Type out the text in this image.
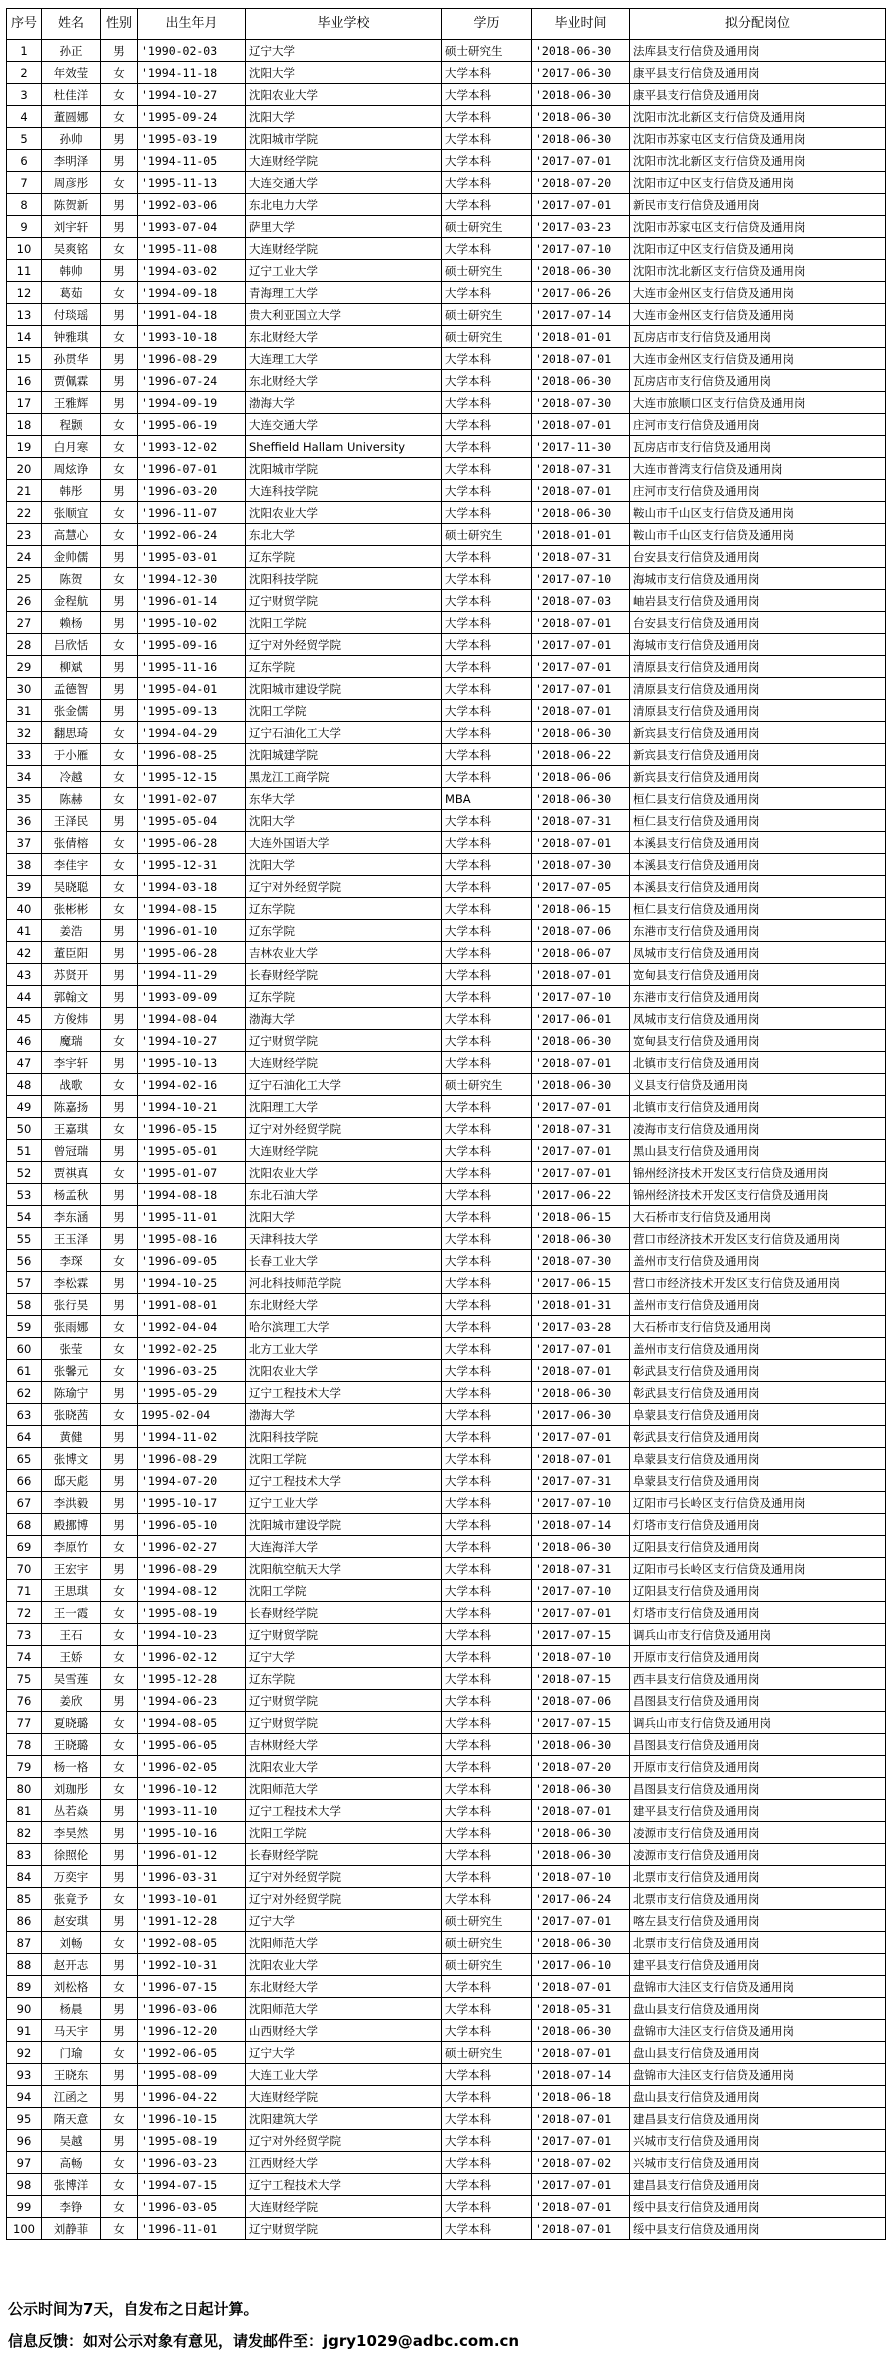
序号	姓名	性别	出生年月	毕业学校	学历	毕业时间	拟分配岗位
1	孙正	男	'1990-02-03	辽宁大学	硕士研究生	'2018-06-30	法库县支行信贷及通用岗
2	年效莹	女	'1994-11-18	沈阳大学	大学本科	'2017-06-30	康平县支行信贷及通用岗
3	杜佳洋	女	'1994-10-27	沈阳农业大学	大学本科	'2018-06-30	康平县支行信贷及通用岗
4	董圆娜	女	'1995-09-24	沈阳大学	大学本科	'2018-06-30	沈阳市沈北新区支行信贷及通用岗
5	孙帅	男	'1995-03-19	沈阳城市学院	大学本科	'2018-06-30	沈阳市苏家屯区支行信贷及通用岗
6	李明泽	男	'1994-11-05	大连财经学院	大学本科	'2017-07-01	沈阳市沈北新区支行信贷及通用岗
7	周彦彤	女	'1995-11-13	大连交通大学	大学本科	'2018-07-20	沈阳市辽中区支行信贷及通用岗
8	陈贺新	男	'1992-03-06	东北电力大学	大学本科	'2017-07-01	新民市支行信贷及通用岗
9	刘宇轩	男	'1993-07-04	萨里大学	硕士研究生	'2017-03-23	沈阳市苏家屯区支行信贷及通用岗
10	吴爽铭	女	'1995-11-08	大连财经学院	大学本科	'2017-07-10	沈阳市辽中区支行信贷及通用岗
11	韩帅	男	'1994-03-02	辽宁工业大学	硕士研究生	'2018-06-30	沈阳市沈北新区支行信贷及通用岗
12	葛茹	女	'1994-09-18	青海理工大学	大学本科	'2017-06-26	大连市金州区支行信贷及通用岗
13	付琰瑶	男	'1991-04-18	贵大利亚国立大学	硕士研究生	'2017-07-14	大连市金州区支行信贷及通用岗
14	钟雅琪	女	'1993-10-18	东北财经大学	硕士研究生	'2018-01-01	瓦房店市支行信贷及通用岗
15	孙贯华	男	'1996-08-29	大连理工大学	大学本科	'2018-07-01	大连市金州区支行信贷及通用岗
16	贾佩霖	男	'1996-07-24	东北财经大学	大学本科	'2018-06-30	瓦房店市支行信贷及通用岗
17	王雅辉	男	'1994-09-19	渤海大学	大学本科	'2018-07-30	大连市旅顺口区支行信贷及通用岗
18	程颢	女	'1995-06-19	大连交通大学	大学本科	'2018-07-01	庄河市支行信贷及通用岗
19	白月寒	女	'1993-12-02	Sheffield Hallam University	大学本科	'2017-11-30	瓦房店市支行信贷及通用岗
20	周炫诤	女	'1996-07-01	沈阳城市学院	大学本科	'2018-07-31	大连市普湾支行信贷及通用岗
21	韩彤	男	'1996-03-20	大连科技学院	大学本科	'2018-07-01	庄河市支行信贷及通用岗
22	张顺宜	女	'1996-11-07	沈阳农业大学	大学本科	'2018-06-30	鞍山市千山区支行信贷及通用岗
23	高慧心	女	'1992-06-24	东北大学	硕士研究生	'2018-01-01	鞍山市千山区支行信贷及通用岗
24	金帅儒	男	'1995-03-01	辽东学院	大学本科	'2018-07-31	台安县支行信贷及通用岗
25	陈贺	女	'1994-12-30	沈阳科技学院	大学本科	'2017-07-10	海城市支行信贷及通用岗
26	金程航	男	'1996-01-14	辽宁财贸学院	大学本科	'2018-07-03	岫岩县支行信贷及通用岗
27	赖杨	男	'1995-10-02	沈阳工学院	大学本科	'2018-07-01	台安县支行信贷及通用岗
28	吕欣恬	女	'1995-09-16	辽宁对外经贸学院	大学本科	'2017-07-01	海城市支行信贷及通用岗
29	柳斌	男	'1995-11-16	辽东学院	大学本科	'2017-07-01	清原县支行信贷及通用岗
30	孟德智	男	'1995-04-01	沈阳城市建设学院	大学本科	'2017-07-01	清原县支行信贷及通用岗
31	张金儒	男	'1995-09-13	沈阳工学院	大学本科	'2018-07-01	清原县支行信贷及通用岗
32	翻思琦	女	'1994-04-29	辽宁石油化工大学	大学本科	'2018-06-30	新宾县支行信贷及通用岗
33	于小雁	女	'1996-08-25	沈阳城建学院	大学本科	'2018-06-22	新宾县支行信贷及通用岗
34	冷越	女	'1995-12-15	黑龙江工商学院	大学本科	'2018-06-06	新宾县支行信贷及通用岗
35	陈赫	女	'1991-02-07	东华大学	MBA	'2018-06-30	桓仁县支行信贷及通用岗
36	王泽民	男	'1995-05-04	沈阳大学	大学本科	'2018-07-31	桓仁县支行信贷及通用岗
37	张倩榕	女	'1995-06-28	大连外国语大学	大学本科	'2018-07-01	本溪县支行信贷及通用岗
38	李佳宇	女	'1995-12-31	沈阳大学	大学本科	'2018-07-30	本溪县支行信贷及通用岗
39	吴晓聪	女	'1994-03-18	辽宁对外经贸学院	大学本科	'2017-07-05	本溪县支行信贷及通用岗
40	张彬彬	女	'1994-08-15	辽东学院	大学本科	'2018-06-15	桓仁县支行信贷及通用岗
41	姜浩	男	'1996-01-10	辽东学院	大学本科	'2018-07-06	东港市支行信贷及通用岗
42	董臣阳	男	'1995-06-28	吉林农业大学	大学本科	'2018-06-07	凤城市支行信贷及通用岗
43	苏贤开	男	'1994-11-29	长春财经学院	大学本科	'2018-07-01	宽甸县支行信贷及通用岗
44	郭翰文	男	'1993-09-09	辽东学院	大学本科	'2017-07-10	东港市支行信贷及通用岗
45	方俊炜	男	'1994-08-04	渤海大学	大学本科	'2017-06-01	凤城市支行信贷及通用岗
46	魔瑞	女	'1994-10-27	辽宁财贸学院	大学本科	'2018-06-30	宽甸县支行信贷及通用岗
47	李宇轩	男	'1995-10-13	大连财经学院	大学本科	'2018-07-01	北镇市支行信贷及通用岗
48	战歌	女	'1994-02-16	辽宁石油化工大学	硕士研究生	'2018-06-30	义县支行信贷及通用岗
49	陈嘉扬	男	'1994-10-21	沈阳理工大学	大学本科	'2017-07-01	北镇市支行信贷及通用岗
50	王嘉琪	女	'1996-05-15	辽宁对外经贸学院	大学本科	'2018-07-31	凌海市支行信贷及通用岗
51	曾冠瑞	男	'1995-05-01	大连财经学院	大学本科	'2017-07-01	黑山县支行信贷及通用岗
52	贾祺真	女	'1995-01-07	沈阳农业大学	大学本科	'2017-07-01	锦州经济技术开发区支行信贷及通用岗
53	杨孟秋	男	'1994-08-18	东北石油大学	大学本科	'2017-06-22	锦州经济技术开发区支行信贷及通用岗
54	李东涵	男	'1995-11-01	沈阳大学	大学本科	'2018-06-15	大石桥市支行信贷及通用岗
55	王玉泽	男	'1995-08-16	天津科技大学	大学本科	'2018-06-30	营口市经济技术开发区支行信贷及通用岗
56	李琛	女	'1996-09-05	长春工业大学	大学本科	'2018-07-30	盖州市支行信贷及通用岗
57	李松霖	男	'1994-10-25	河北科技师范学院	大学本科	'2017-06-15	营口市经济技术开发区支行信贷及通用岗
58	张行昊	男	'1991-08-01	东北财经大学	大学本科	'2018-01-31	盖州市支行信贷及通用岗
59	张雨娜	女	'1992-04-04	哈尔滨理工大学	大学本科	'2017-03-28	大石桥市支行信贷及通用岗
60	张莹	女	'1992-02-25	北方工业大学	大学本科	'2017-07-01	盖州市支行信贷及通用岗
61	张馨元	女	'1996-03-25	沈阳农业大学	大学本科	'2018-07-01	彰武县支行信贷及通用岗
62	陈瑜宁	男	'1995-05-29	辽宁工程技术大学	大学本科	'2018-06-30	彰武县支行信贷及通用岗
63	张晓茜	女	1995-02-04	渤海大学	大学本科	'2017-06-30	阜蒙县支行信贷及通用岗
64	黄健	男	'1994-11-02	沈阳科技学院	大学本科	'2017-07-01	彰武县支行信贷及通用岗
65	张博文	男	'1996-08-29	沈阳工学院	大学本科	'2018-07-01	阜蒙县支行信贷及通用岗
66	邸天彪	男	'1994-07-20	辽宁工程技术大学	大学本科	'2017-07-31	阜蒙县支行信贷及通用岗
67	李洪毅	男	'1995-10-17	辽宁工业大学	大学本科	'2017-07-10	辽阳市弓长岭区支行信贷及通用岗
68	殿挪博	男	'1996-05-10	沈阳城市建设学院	大学本科	'2018-07-14	灯塔市支行信贷及通用岗
69	李原竹	女	'1996-02-27	大连海洋大学	大学本科	'2018-06-30	辽阳县支行信贷及通用岗
70	王宏宇	男	'1996-08-29	沈阳航空航天大学	大学本科	'2018-07-31	辽阳市弓长岭区支行信贷及通用岗
71	王思琪	女	'1994-08-12	沈阳工学院	大学本科	'2017-07-10	辽阳县支行信贷及通用岗
72	王一霞	女	'1995-08-19	长春财经学院	大学本科	'2017-07-01	灯塔市支行信贷及通用岗
73	王石	女	'1994-10-23	辽宁财贸学院	大学本科	'2017-07-15	调兵山市支行信贷及通用岗
74	王娇	女	'1996-02-12	辽宁大学	大学本科	'2018-07-10	开原市支行信贷及通用岗
75	吴雪莲	女	'1995-12-28	辽东学院	大学本科	'2018-07-15	西丰县支行信贷及通用岗
76	姜欣	男	'1994-06-23	辽宁财贸学院	大学本科	'2018-07-06	昌图县支行信贷及通用岗
77	夏晓璐	女	'1994-08-05	辽宁财贸学院	大学本科	'2017-07-15	调兵山市支行信贷及通用岗
78	王晓璐	女	'1995-06-05	吉林财经大学	大学本科	'2018-06-30	昌图县支行信贷及通用岗
79	杨一格	女	'1996-02-05	沈阳农业大学	大学本科	'2018-07-20	开原市支行信贷及通用岗
80	刘珈彤	女	'1996-10-12	沈阳师范大学	大学本科	'2018-06-30	昌图县支行信贷及通用岗
81	丛若焱	男	'1993-11-10	辽宁工程技术大学	大学本科	'2018-07-01	建平县支行信贷及通用岗
82	李昊然	男	'1995-10-16	沈阳工学院	大学本科	'2018-06-30	凌源市支行信贷及通用岗
83	徐照伦	男	'1996-01-12	长春财经学院	大学本科	'2018-06-30	凌源市支行信贷及通用岗
84	万奕宇	男	'1996-03-31	辽宁对外经贸学院	大学本科	'2018-07-10	北票市支行信贷及通用岗
85	张竟予	女	'1993-10-01	辽宁对外经贸学院	大学本科	'2017-06-24	北票市支行信贷及通用岗
86	赵安琪	男	'1991-12-28	辽宁大学	硕士研究生	'2017-07-01	喀左县支行信贷及通用岗
87	刘畅	女	'1992-08-05	沈阳师范大学	硕士研究生	'2018-06-30	北票市支行信贷及通用岗
88	赵开志	男	'1992-10-31	沈阳农业大学	硕士研究生	'2017-06-10	建平县支行信贷及通用岗
89	刘松格	女	'1996-07-15	东北财经大学	大学本科	'2018-07-01	盘锦市大洼区支行信贷及通用岗
90	杨晨	男	'1996-03-06	沈阳师范大学	大学本科	'2018-05-31	盘山县支行信贷及通用岗
91	马天宇	男	'1996-12-20	山西财经大学	大学本科	'2018-06-30	盘锦市大洼区支行信贷及通用岗
92	门瑜	女	'1992-06-05	辽宁大学	硕士研究生	'2018-07-01	盘山县支行信贷及通用岗
93	王晓东	男	'1995-08-09	大连工业大学	大学本科	'2018-07-14	盘锦市大洼区支行信贷及通用岗
94	江函之	男	'1996-04-22	大连财经学院	大学本科	'2018-06-18	盘山县支行信贷及通用岗
95	隋天意	女	'1996-10-15	沈阳建筑大学	大学本科	'2018-07-01	建昌县支行信贷及通用岗
96	吴越	男	'1995-08-19	辽宁对外经贸学院	大学本科	'2017-07-01	兴城市支行信贷及通用岗
97	高畅	女	'1996-03-23	江西财经大学	大学本科	'2018-07-02	兴城市支行信贷及通用岗
98	张博洋	女	'1994-07-15	辽宁工程技术大学	大学本科	'2017-07-01	建昌县支行信贷及通用岗
99	李铮	女	'1996-03-05	大连财经学院	大学本科	'2018-07-01	绥中县支行信贷及通用岗
100	刘静菲	女	'1996-11-01	辽宁财贸学院	大学本科	'2018-07-01	绥中县支行信贷及通用岗
公示时间为7天，自发布之日起计算。
信息反馈：如对公示对象有意见，请发邮件至：jgry1029@adbc.com.cn
